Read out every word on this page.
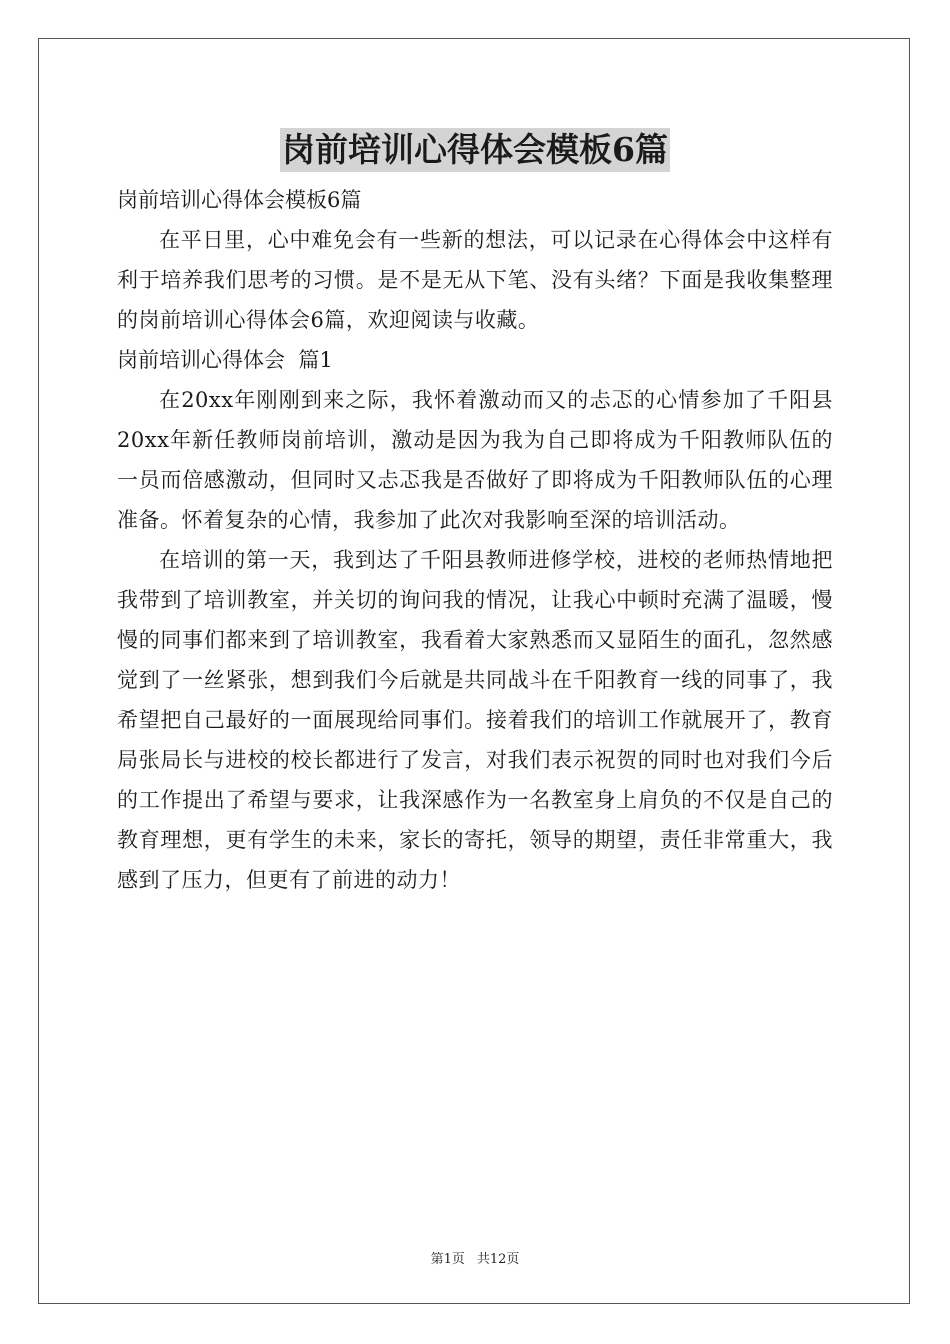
岗前培训心得体会模板6篇

岗前培训心得体会模板6篇

在平日里，心中难免会有一些新的想法，可以记录在心得体会中这样有利于培养我们思考的习惯。是不是无从下笔、没有头绪？下面是我收集整理的岗前培训心得体会6篇，欢迎阅读与收藏。

岗前培训心得体会  篇1

在20xx年刚刚到来之际，我怀着激动而又的忐忑的心情参加了千阳县20xx年新任教师岗前培训，激动是因为我为自己即将成为千阳教师队伍的一员而倍感激动，但同时又忐忑我是否做好了即将成为千阳教师队伍的心理准备。怀着复杂的心情，我参加了此次对我影响至深的培训活动。

在培训的第一天，我到达了千阳县教师进修学校，进校的老师热情地把我带到了培训教室，并关切的询问我的情况，让我心中顿时充满了温暖，慢慢的同事们都来到了培训教室，我看着大家熟悉而又显陌生的面孔，忽然感觉到了一丝紧张，想到我们今后就是共同战斗在千阳教育一线的同事了，我希望把自己最好的一面展现给同事们。接着我们的培训工作就展开了，教育局张局长与进校的校长都进行了发言，对我们表示祝贺的同时也对我们今后的工作提出了希望与要求，让我深感作为一名教室身上肩负的不仅是自己的教育理想，更有学生的未来，家长的寄托，领导的期望，责任非常重大，我感到了压力，但更有了前进的动力！

第1页 共12页
